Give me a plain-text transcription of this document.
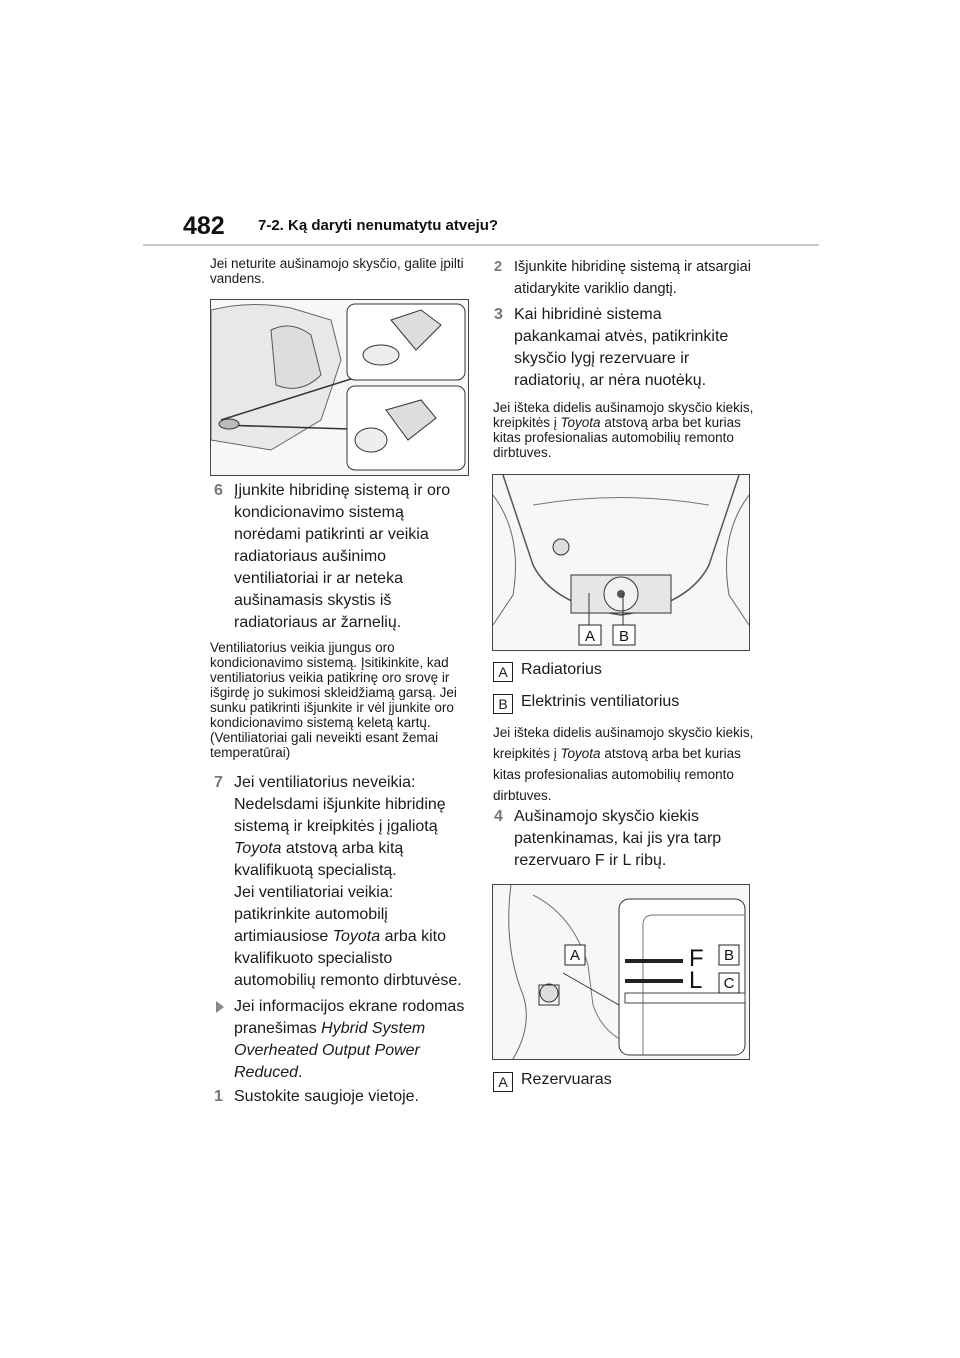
482 7-2. Ką daryti nenumatytu atveju?

Jei neturite aušinamojo skysčio, galite įpilti vandens.

6 Įjunkite hibridinę sistemą ir oro kondicionavimo sistemą norėdami patikrinti ar veikia radiatoriaus aušinimo ventiliatoriai ir ar neteka aušinamasis skystis iš radiatoriaus ar žarnelių.

Ventiliatorius veikia įjungus oro kondicionavimo sistemą. Įsitikinkite, kad ventiliatorius veikia patikrinę oro srovę ir išgirdę jo sukimosi skleidžiamą garsą. Jei sunku patikrinti išjunkite ir vėl įjunkite oro kondicionavimo sistemą keletą kartų. (Ventiliatoriai gali neveikti esant žemai temperatūrai)

7 Jei ventiliatorius neveikia:
Nedelsdami išjunkite hibridinę sistemą ir kreipkitės į įgaliotą Toyota atstovą arba kitą kvalifikuotą specialistą.
Jei ventiliatoriai veikia:
patikrinkite automobilį artimiausiose Toyota arba kito kvalifikuoto specialisto automobilių remonto dirbtuvėse.

Jei informacijos ekrane rodomas pranešimas Hybrid System Overheated Output Power Reduced.

1 Sustokite saugioje vietoje.

2 Išjunkite hibridinę sistemą ir atsargiai atidarykite variklio dangtį.

3 Kai hibridinė sistema pakankamai atvės, patikrinkite skysčio lygį rezervuare ir radiatorių, ar nėra nuotėkų.

Jei išteka didelis aušinamojo skysčio kiekis, kreipkitės į Toyota atstovą arba bet kurias kitas profesionalias automobilių remonto dirbtuves.

A B
A Radiatorius
B Elektrinis ventiliatorius

Jei išteka didelis aušinamojo skysčio kiekis, kreipkitės į Toyota atstovą arba bet kurias kitas profesionalias automobilių remonto dirbtuves.

4 Aušinamojo skysčio kiekis patenkinamas, kai jis yra tarp rezervuaro F ir L ribų.

A	F
L
B
C
A Rezervuaras
